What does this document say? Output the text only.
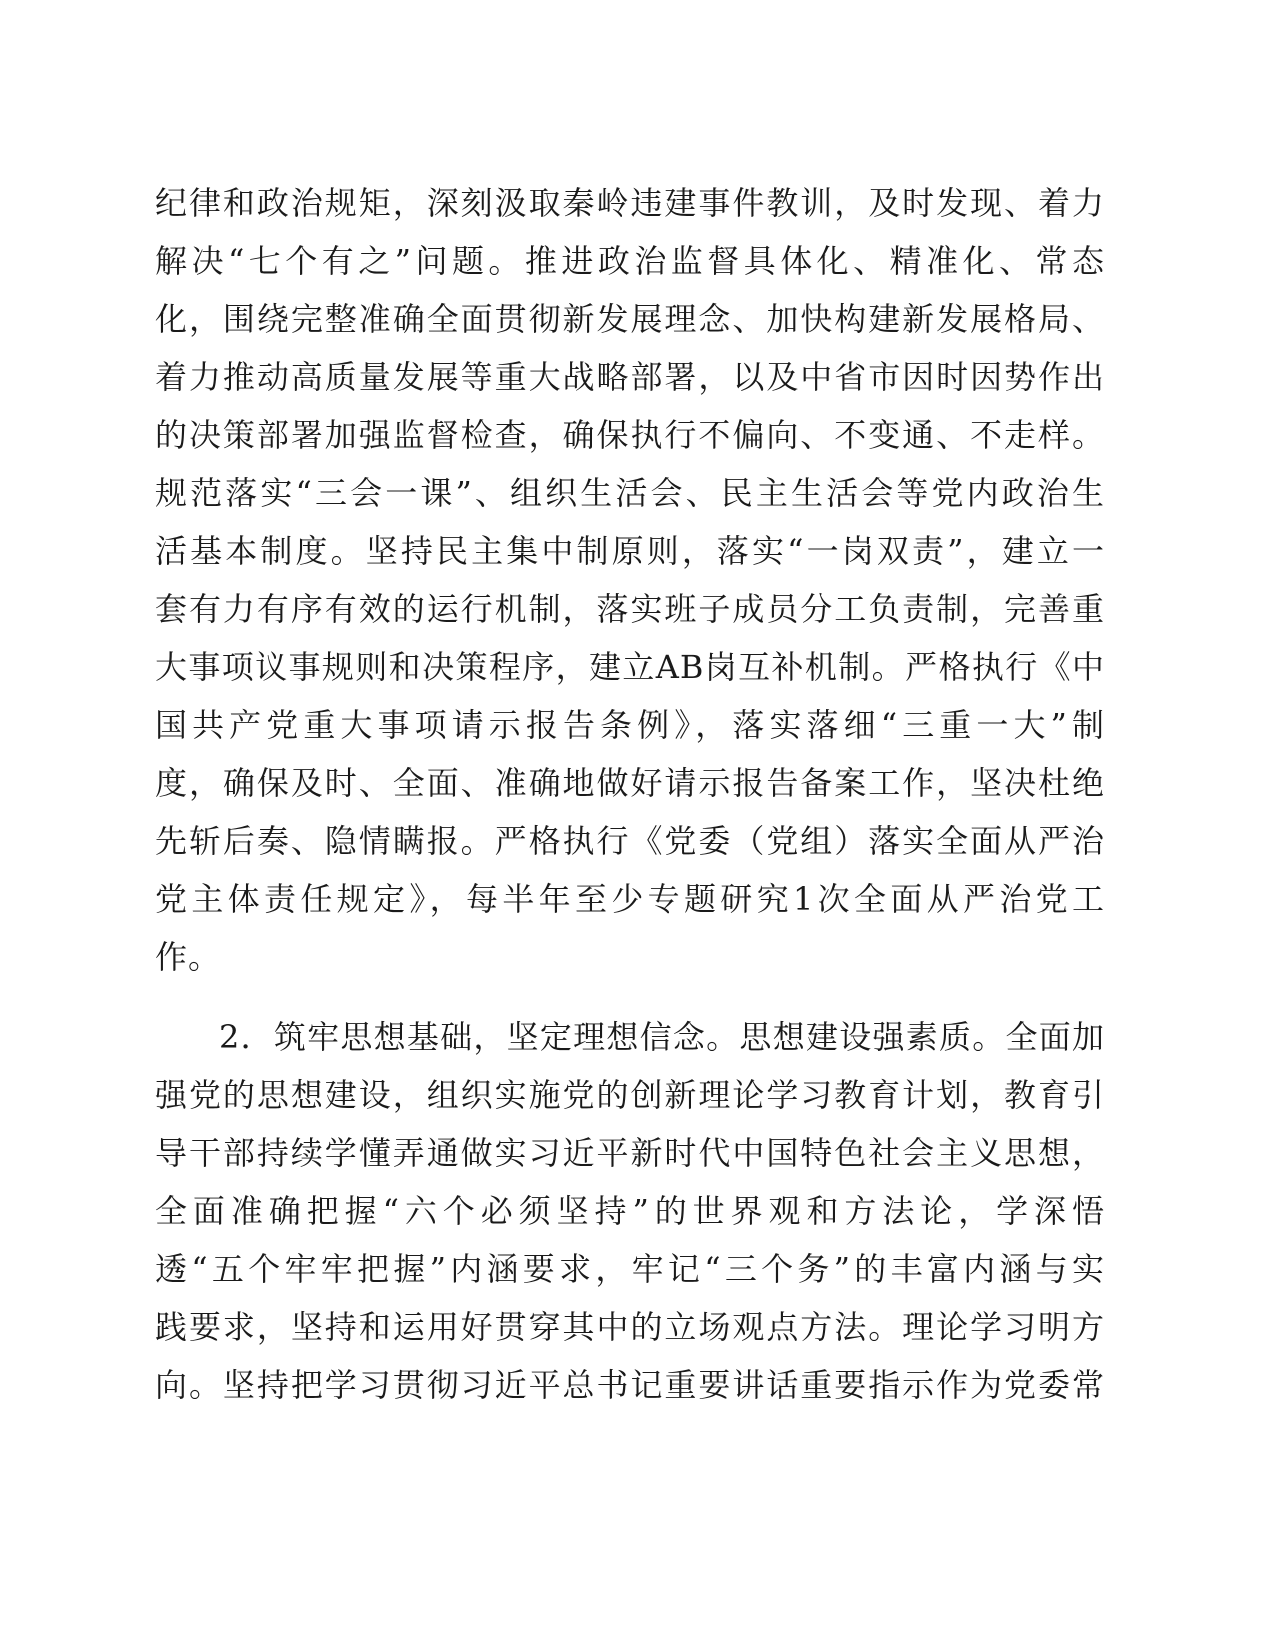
纪律和政治规矩，深刻汲取秦岭违建事件教训，及时发现、着力
解决“七个有之”问题。推进政治监督具体化、精准化、常态
化，围绕完整准确全面贯彻新发展理念、加快构建新发展格局、
着力推动高质量发展等重大战略部署，以及中省市因时因势作出
的决策部署加强监督检查，确保执行不偏向、不变通、不走样。
规范落实“三会一课”、组织生活会、民主生活会等党内政治生
活基本制度。坚持民主集中制原则，落实“一岗双责”，建立一
套有力有序有效的运行机制，落实班子成员分工负责制，完善重
大事项议事规则和决策程序，建立AB岗互补机制。严格执行《中
国共产党重大事项请示报告条例》，落实落细“三重一大”制
度，确保及时、全面、准确地做好请示报告备案工作，坚决杜绝
先斩后奏、隐情瞒报。严格执行《党委（党组）落实全面从严治
党主体责任规定》，每半年至少专题研究1次全面从严治党工
作。
2．筑牢思想基础，坚定理想信念。思想建设强素质。全面加
强党的思想建设，组织实施党的创新理论学习教育计划，教育引
导干部持续学懂弄通做实习近平新时代中国特色社会主义思想，
全面准确把握“六个必须坚持”的世界观和方法论，学深悟
透“五个牢牢把握”内涵要求，牢记“三个务”的丰富内涵与实
践要求，坚持和运用好贯穿其中的立场观点方法。理论学习明方
向。坚持把学习贯彻习近平总书记重要讲话重要指示作为党委常
